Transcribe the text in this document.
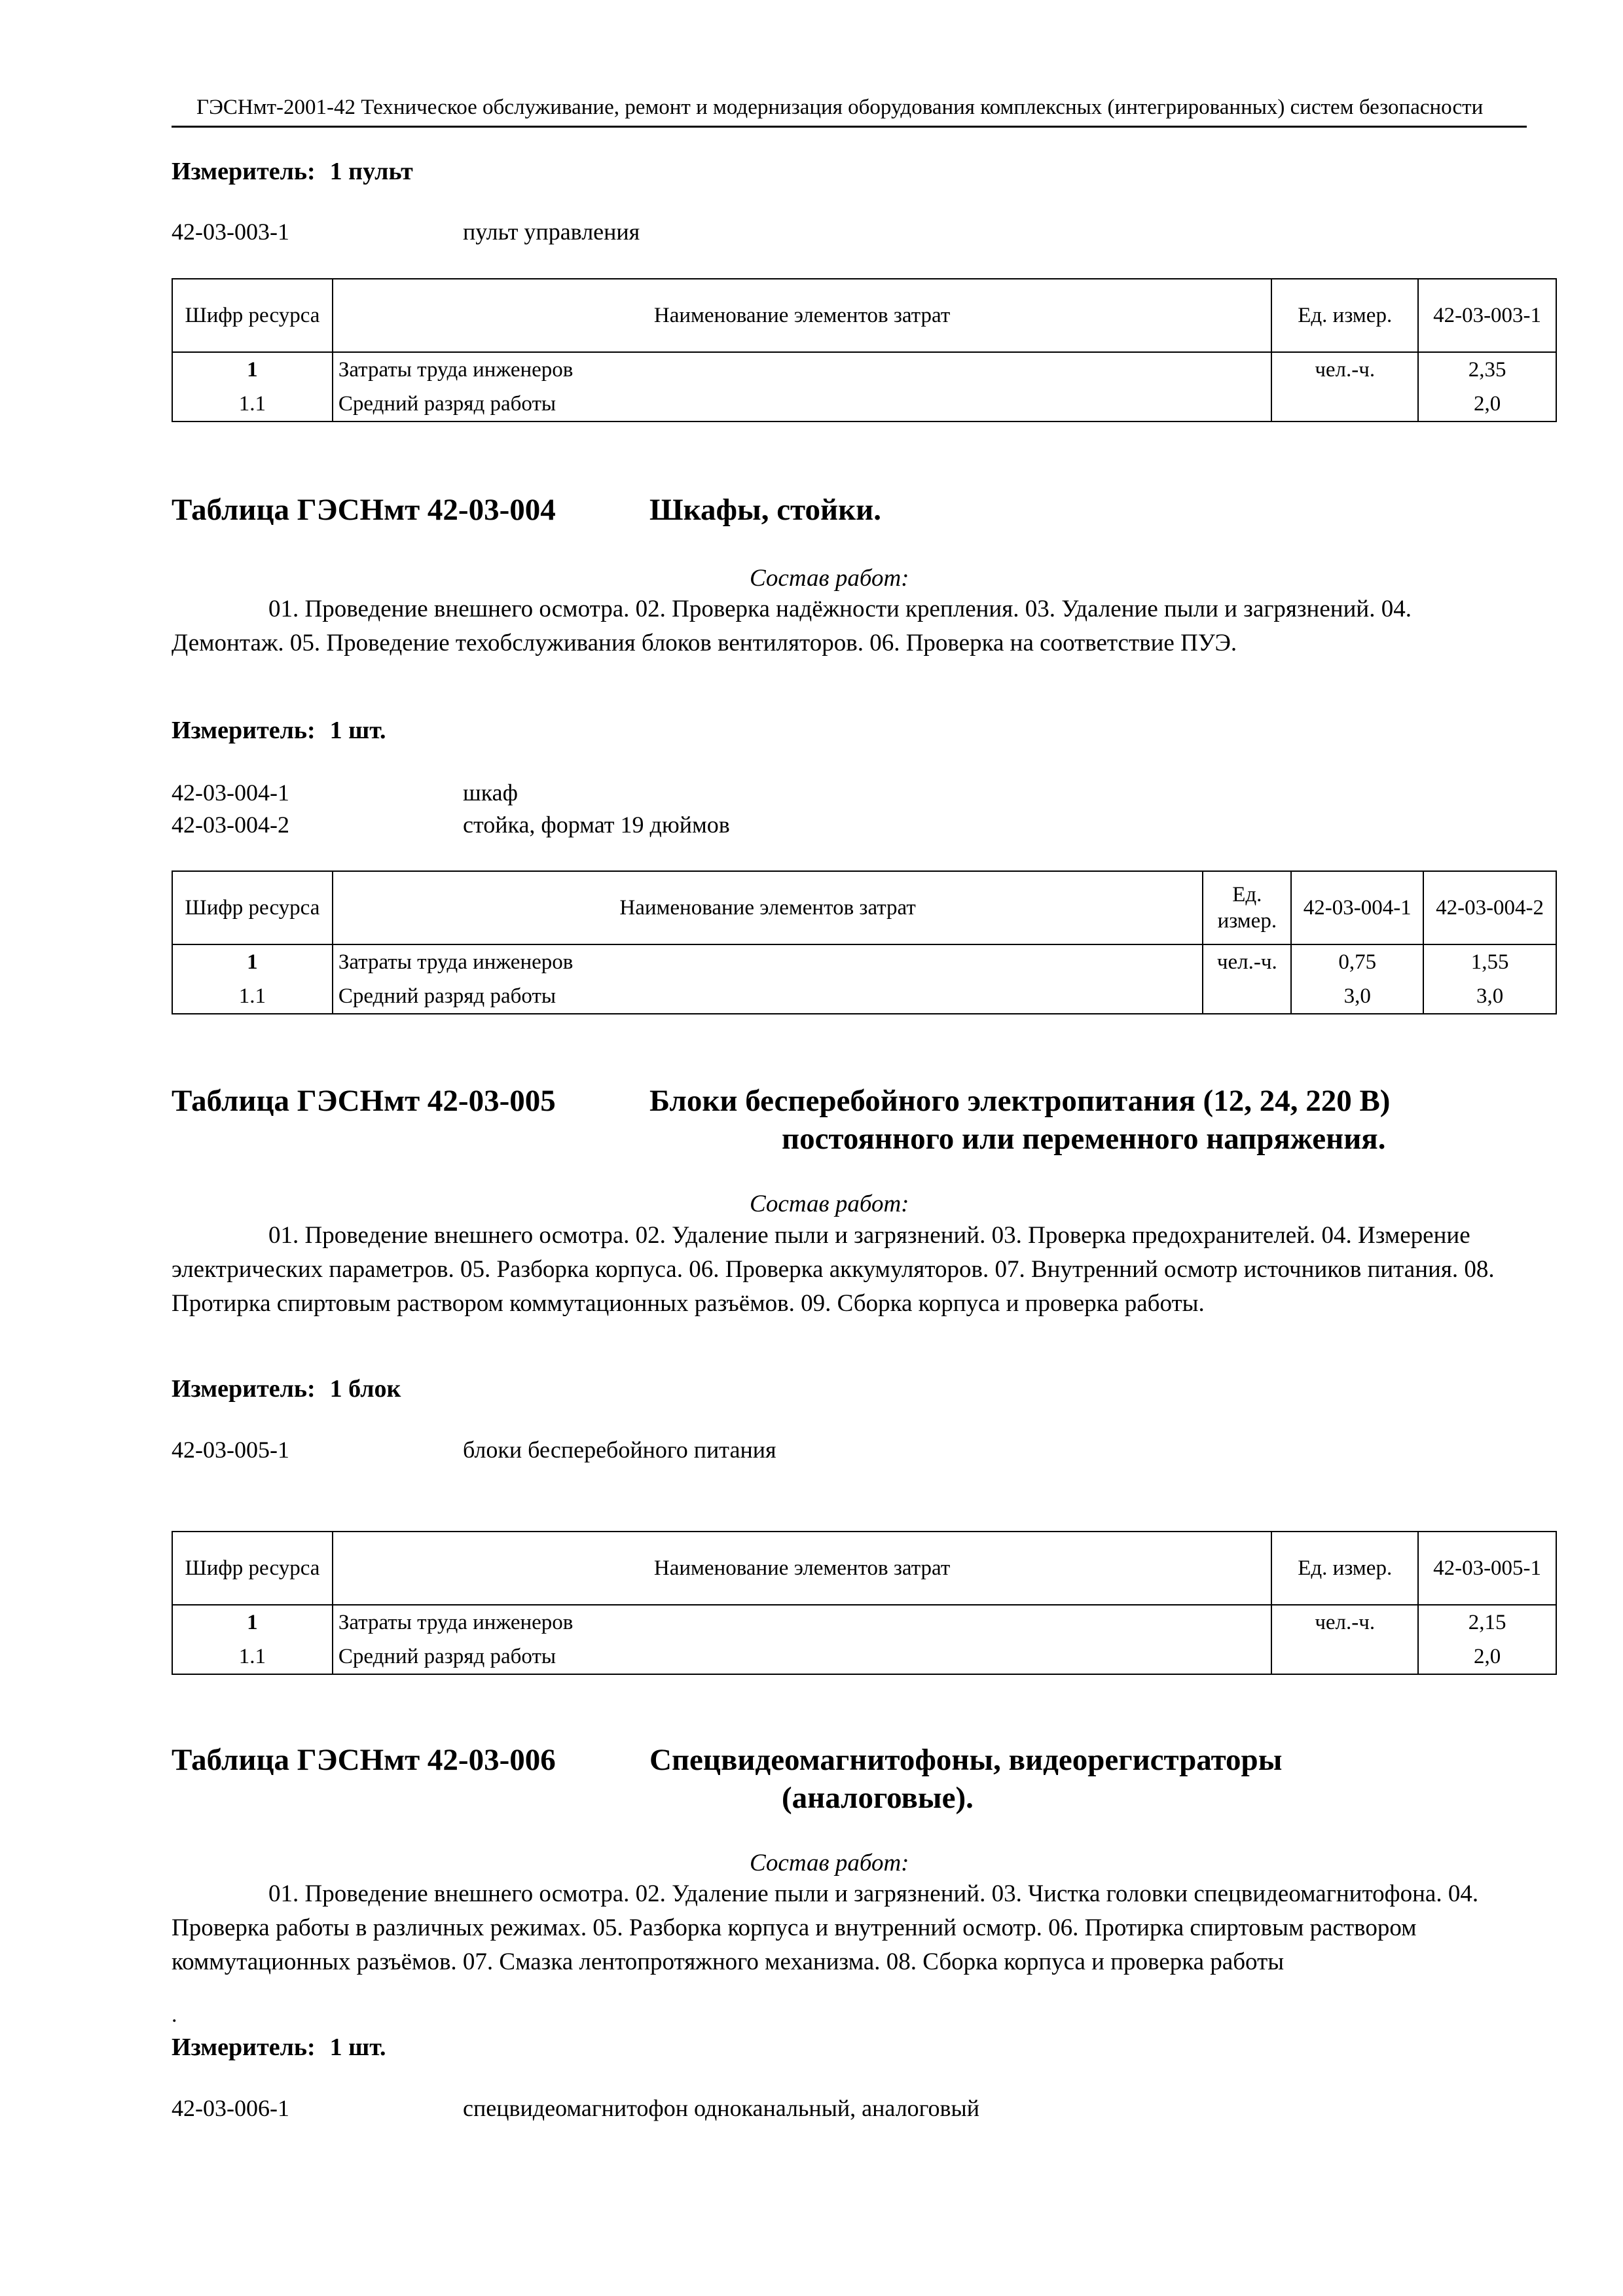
ГЭСНмт-2001-42 Техническое обслуживание, ремонт и модернизация оборудования комплексных (интегрированных) систем безопасности
Измеритель: 1 пульт
42-03-003-1	пульт управления
Шифр ресурса	Наименование элементов затрат	Ед. измер.	42-03-003-1
1	Затраты труда инженеров	чел.-ч.	2,35
1.1	Средний разряд работы		2,0
Таблица ГЭСНмт 42-03-004	Шкафы, стойки.
Состав работ:
01. Проведение внешнего осмотра. 02. Проверка надёжности крепления. 03. Удаление пыли и загрязнений. 04. Демонтаж. 05. Проведение техобслуживания блоков вентиляторов. 06. Проверка на соответствие ПУЭ.
Измеритель: 1 шт.
42-03-004-1	шкаф
42-03-004-2	стойка, формат 19 дюймов
Шифр ресурса	Наименование элементов затрат	Ед. измер.	42-03-004-1	42-03-004-2
1	Затраты труда инженеров	чел.-ч.	0,75	1,55
1.1	Средний разряд работы		3,0	3,0
Таблица ГЭСНмт 42-03-005	Блоки бесперебойного электропитания (12, 24, 220 В)
постоянного или переменного напряжения.
Состав работ:
01. Проведение внешнего осмотра. 02. Удаление пыли и загрязнений. 03. Проверка предохранителей. 04. Измерение электрических параметров. 05. Разборка корпуса. 06. Проверка аккумуляторов. 07. Внутренний осмотр источников питания. 08. Протирка спиртовым раствором коммутационных разъёмов. 09. Сборка корпуса и проверка работы.
Измеритель: 1 блок
42-03-005-1	блоки бесперебойного питания
Шифр ресурса	Наименование элементов затрат	Ед. измер.	42-03-005-1
1	Затраты труда инженеров	чел.-ч.	2,15
1.1	Средний разряд работы		2,0
Таблица ГЭСНмт 42-03-006	Спецвидеомагнитофоны, видеорегистраторы
(аналоговые).
Состав работ:
01. Проведение внешнего осмотра. 02. Удаление пыли и загрязнений. 03. Чистка головки спецвидеомагнитофона. 04. Проверка работы в различных режимах. 05. Разборка корпуса и внутренний осмотр. 06. Протирка спиртовым раствором коммутационных разъёмов. 07. Смазка лентопротяжного механизма. 08. Сборка корпуса и проверка работы
.
Измеритель: 1 шт.
42-03-006-1	спецвидеомагнитофон одноканальный, аналоговый
